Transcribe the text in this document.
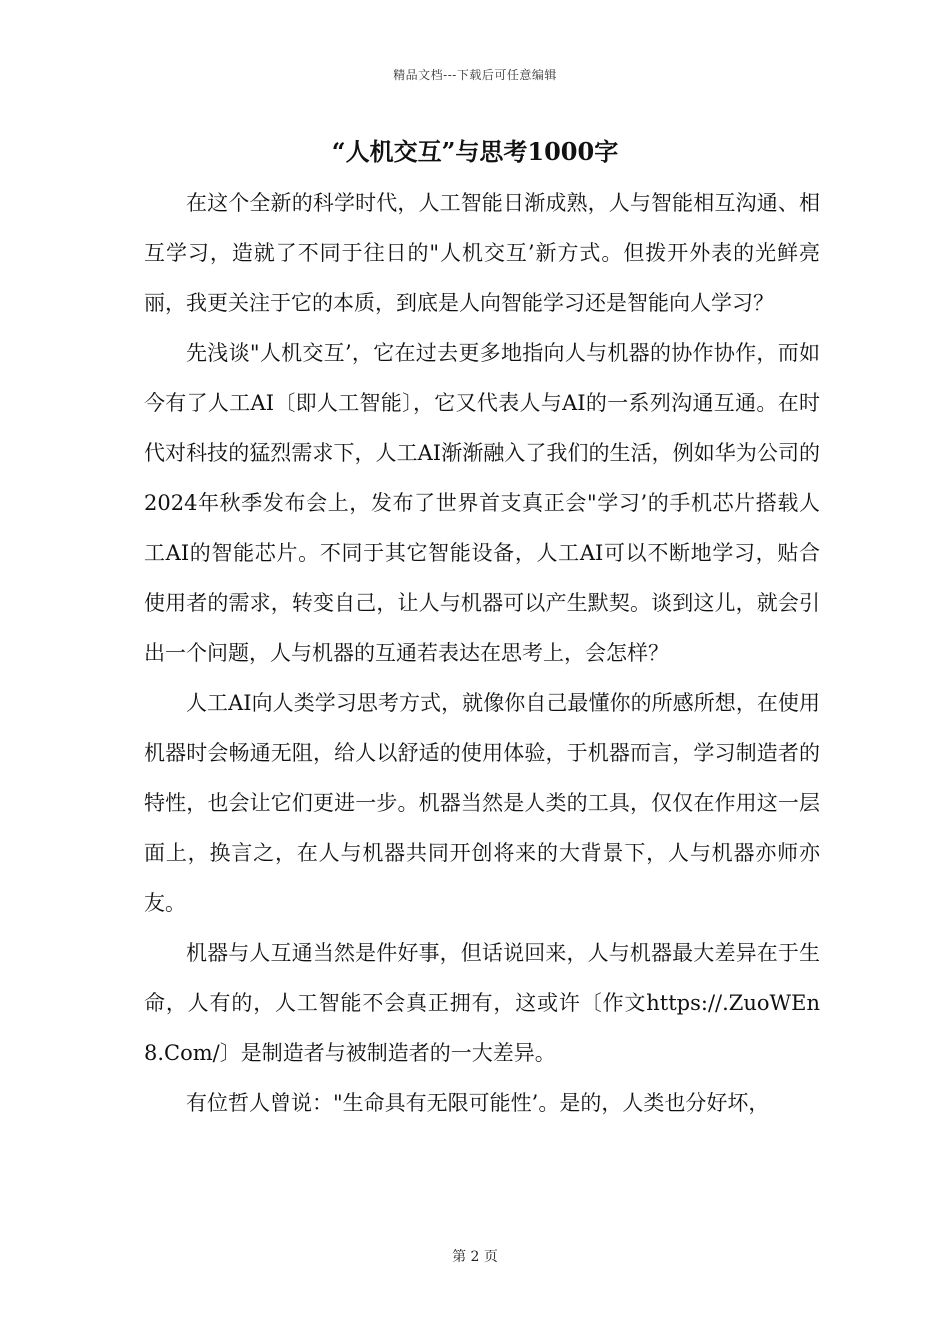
精品文档---下载后可任意编辑
“人机交互”与思考1000字

在这个全新的科学时代，人工智能日渐成熟，人与智能相互沟通、相互学习，造就了不同于往日的"人机交互’新方式。但拨开外表的光鲜亮丽，我更关注于它的本质，到底是人向智能学习还是智能向人学习？

先浅谈"人机交互’，它在过去更多地指向人与机器的协作协作，而如今有了人工AI〔即人工智能〕，它又代表人与AI的一系列沟通互通。在时代对科技的猛烈需求下，人工AI渐渐融入了我们的生活，例如华为公司的2024年秋季发布会上，发布了世界首支真正会"学习’的手机芯片搭载人工AI的智能芯片。不同于其它智能设备，人工AI可以不断地学习，贴合使用者的需求，转变自己，让人与机器可以产生默契。谈到这儿，就会引出一个问题，人与机器的互通若表达在思考上，会怎样？

人工AI向人类学习思考方式，就像你自己最懂你的所感所想，在使用机器时会畅通无阻，给人以舒适的使用体验，于机器而言，学习制造者的特性，也会让它们更进一步。机器当然是人类的工具，仅仅在作用这一层面上，换言之，在人与机器共同开创将来的大背景下，人与机器亦师亦友。

机器与人互通当然是件好事，但话说回来，人与机器最大差异在于生命，人有的，人工智能不会真正拥有，这或许〔作文https://.ZuoWEn8.Com/〕是制造者与被制造者的一大差异。

有位哲人曾说："生命具有无限可能性’。是的，人类也分好坏，

第 2 页
